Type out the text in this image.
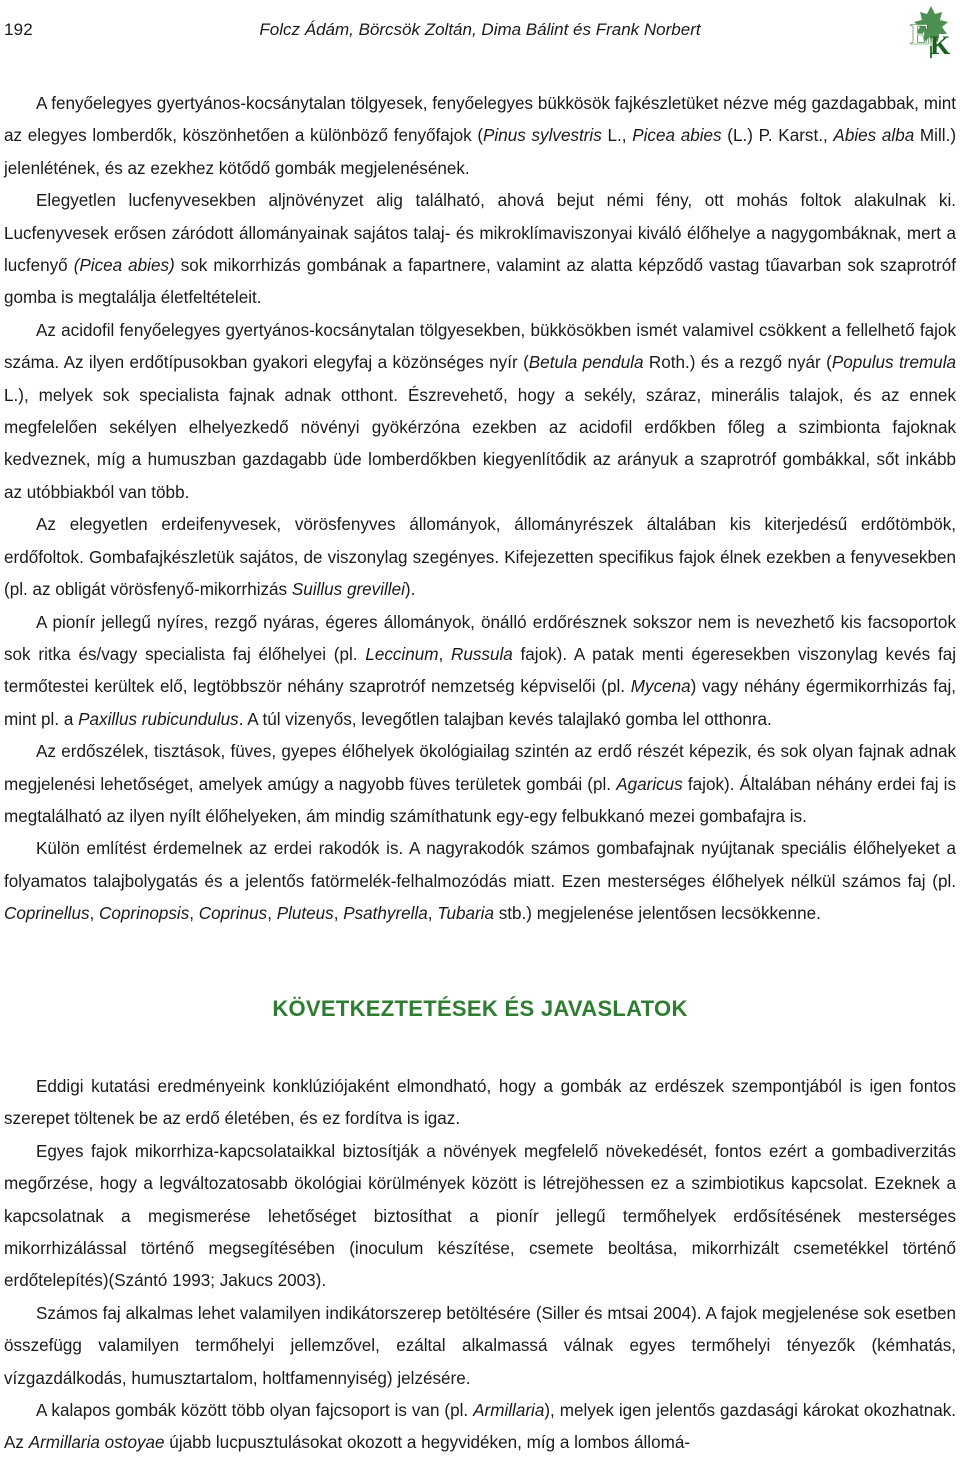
192	Folcz Ádám, Börcsök Zoltán, Dima Bálint és Frank Norbert	E K

A fenyőelegyes gyertyános-kocsánytalan tölgyesek, fenyőelegyes bükkösök fajkészletüket nézve még gazdagabbak, mint az elegyes lomberdők, köszönhetően a különböző fenyőfajok (Pinus sylvestris L., Picea abies (L.) P. Karst., Abies alba Mill.) jelenlétének, és az ezekhez kötődő gombák megjelenésének.

Elegyetlen lucfenyvesekben aljnövényzet alig található, ahová bejut némi fény, ott mohás foltok alakulnak ki. Lucfenyvesek erősen záródott állományainak sajátos talaj- és mikroklímaviszonyai kiváló élőhelye a nagygombáknak, mert a lucfenyő (Picea abies) sok mikorrhizás gombának a fapartnere, valamint az alatta képződő vastag tűavarban sok szaprotróf gomba is megtalálja életfeltételeit.

Az acidofil fenyőelegyes gyertyános-kocsánytalan tölgyesekben, bükkösökben ismét valamivel csökkent a fellelhető fajok száma. Az ilyen erdőtípusokban gyakori elegyfaj a közönséges nyír (Betula pendula Roth.) és a rezgő nyár (Populus tremula L.), melyek sok specialista fajnak adnak otthont. Észrevehető, hogy a sekély, száraz, minerális talajok, és az ennek megfelelően sekélyen elhelyezkedő növényi gyökérzóna ezekben az acidofil erdőkben főleg a szimbionta fajoknak kedveznek, míg a humuszban gazdagabb üde lomberdőkben kiegyenlítődik az arányuk a szaprotróf gombákkal, sőt inkább az utóbbiakból van több.

Az elegyetlen erdeifenyvesek, vörösfenyves állományok, állományrészek általában kis kiterjedésű erdőtömbök, erdőfoltok. Gombafajkészletük sajátos, de viszonylag szegényes. Kifejezetten specifikus fajok élnek ezekben a fenyvesekben (pl. az obligát vörösfenyő-mikorrhizás Suillus grevillei).

A pionír jellegű nyíres, rezgő nyáras, égeres állományok, önálló erdőrésznek sokszor nem is nevezhető kis facsoportok sok ritka és/vagy specialista faj élőhelyei (pl. Leccinum, Russula fajok). A patak menti égeresekben viszonylag kevés faj termőtestei kerültek elő, legtöbbször néhány szaprotróf nemzetség képviselői (pl. Mycena) vagy néhány égermikorrhizás faj, mint pl. a Paxillus rubicundulus. A túl vizenyős, levegőtlen talajban kevés talajlakó gomba lel otthonra.

Az erdőszélek, tisztások, füves, gyepes élőhelyek ökológiailag szintén az erdő részét képezik, és sok olyan fajnak adnak megjelenési lehetőséget, amelyek amúgy a nagyobb füves területek gombái (pl. Agaricus fajok). Általában néhány erdei faj is megtalálható az ilyen nyílt élőhelyeken, ám mindig számíthatunk egy-egy felbukkanó mezei gombafajra is.

Külön említést érdemelnek az erdei rakodók is. A nagyrakodók számos gombafajnak nyújtanak speciális élőhelyeket a folyamatos talajbolygatás és a jelentős fatörmelék-felhalmozódás miatt. Ezen mesterséges élőhelyek nélkül számos faj (pl. Coprinellus, Coprinopsis, Coprinus, Pluteus, Psathyrella, Tubaria stb.) megjelenése jelentősen lecsökkenne.

KÖVETKEZTETÉSEK ÉS JAVASLATOK

Eddigi kutatási eredményeink konklúziójaként elmondható, hogy a gombák az erdészek szempontjából is igen fontos szerepet töltenek be az erdő életében, és ez fordítva is igaz.

Egyes fajok mikorrhiza-kapcsolataikkal biztosítják a növények megfelelő növekedését, fontos ezért a gombadiverzitás megőrzése, hogy a legváltozatosabb ökológiai körülmények között is létrejöhessen ez a szimbiotikus kapcsolat. Ezeknek a kapcsolatnak a megismerése lehetőséget biztosíthat a pionír jellegű termőhelyek erdősítésének mesterséges mikorrhizálással történő megsegítésében (inoculum készítése, csemete beoltása, mikorrhizált csemetékkel történő erdőtelepítés)(Szántó 1993; Jakucs 2003).

Számos faj alkalmas lehet valamilyen indikátorszerep betöltésére (Siller és mtsai 2004). A fajok megjelenése sok esetben összefügg valamilyen termőhelyi jellemzővel, ezáltal alkalmassá válnak egyes termőhelyi tényezők (kémhatás, vízgazdálkodás, humusztartalom, holtfamennyiség) jelzésére.

A kalapos gombák között több olyan fajcsoport is van (pl. Armillaria), melyek igen jelentős gazdasági károkat okozhatnak. Az Armillaria ostoyae újabb lucpusztulásokat okozott a hegyvidéken, míg a lombos állomá-
